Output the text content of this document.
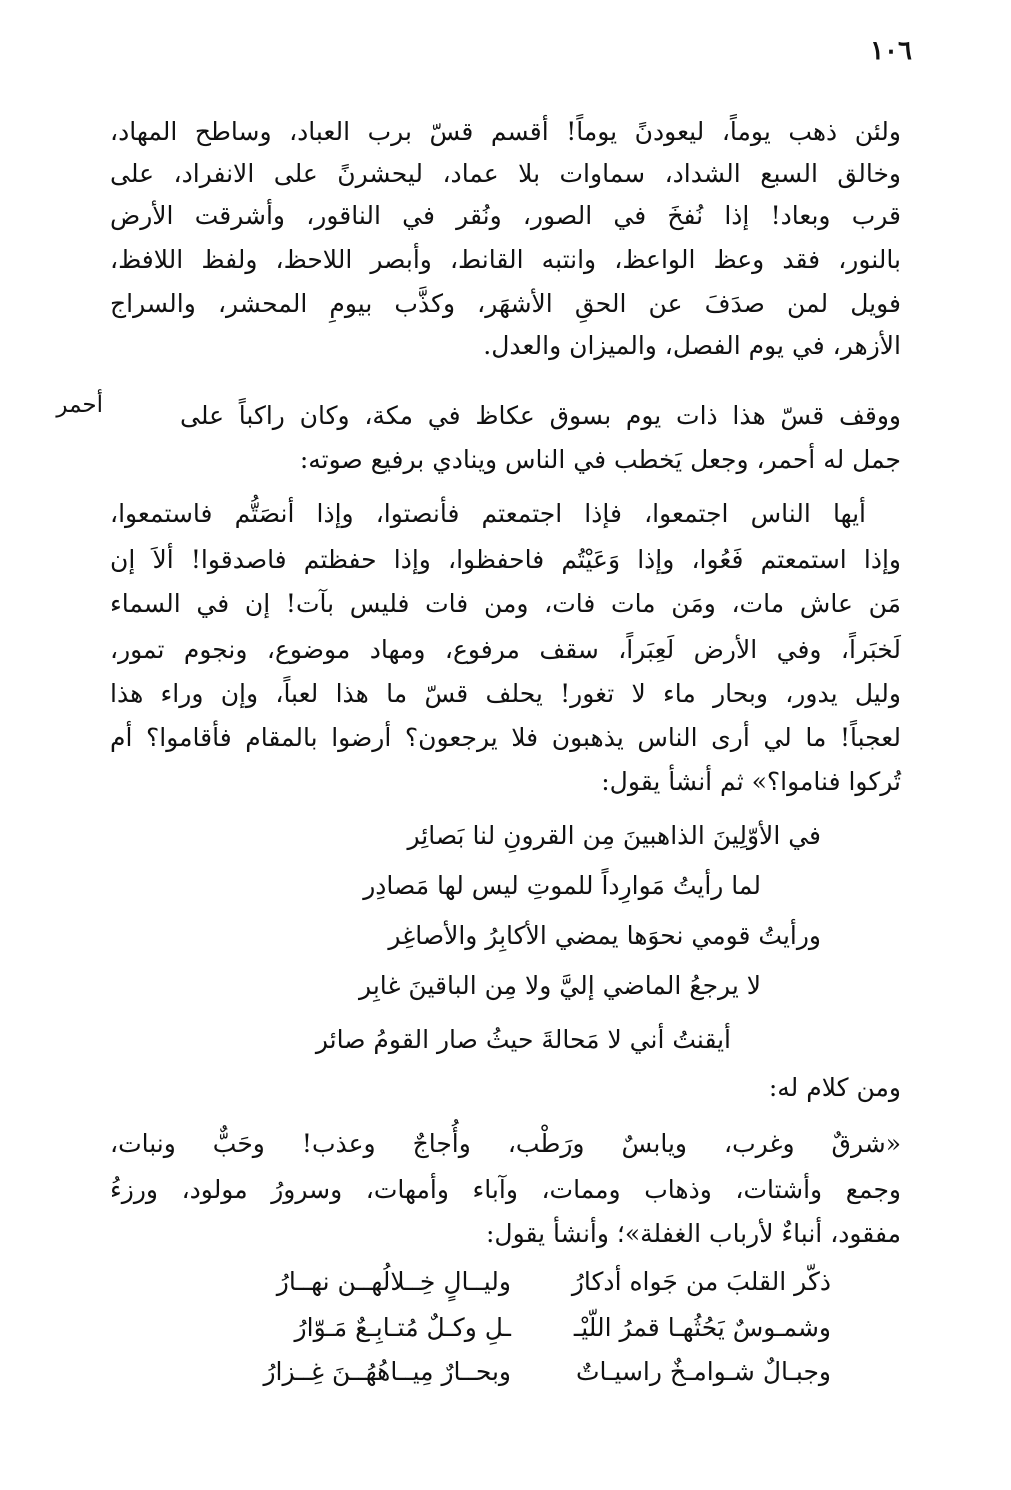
١٠٦
ولئن ذهب يوماً، ليعودنً يوماً! أقسم قسّ برب العباد، وساطح المهاد،
وخالق السبع الشداد، سماوات بلا عماد، ليحشرنً على الانفراد، على
قرب وبعاد! إذا نُفخَ في الصور، ونُقر في الناقور، وأشرقت الأرض
بالنور، فقد وعظ الواعظ، وانتبه القانط، وأبصر اللاحظ، ولفظ اللافظ،
فويل لمن صدَفَ عن الحقِ الأشهَر، وكذَّب بيومِ المحشر، والسراج
الأزهر، في يوم الفصل، والميزان والعدل.
أحمر	ووقف قسّ هذا ذات يوم بسوق عكاظ في مكة، وكان راكباً على
جمل له أحمر، وجعل يَخطب في الناس وينادي برفيع صوته:
أيها الناس اجتمعوا، فإذا اجتمعتم فأنصتوا، وإذا أنصَتُّم فاستمعوا،
وإذا استمعتم فَعُوا، وإذا وَعَيْتُم فاحفظوا، وإذا حفظتم فاصدقوا! ألاَ إن
مَن عاش مات، ومَن مات فات، ومن فات فليس بآت! إن في السماء
لَخبَراً، وفي الأرض لَعِبَراً، سقف مرفوع، ومهاد موضوع، ونجوم تمور،
وليل يدور، وبحار ماء لا تغور! يحلف قسّ ما هذا لعباً، وإن وراء هذا
لعجباً! ما لي أرى الناس يذهبون فلا يرجعون؟ أرضوا بالمقام فأقاموا؟ أم
تُركوا فناموا؟» ثم أنشأ يقول:
في الأوّلِينَ الذاهبينَ مِن القرونِ لنا بَصائِر
لما رأيتُ مَوارِداً للموتِ ليس لها مَصادِر
ورأيتُ قومي نحوَها يمضي الأكابِرُ والأصاغِر
لا يرجعُ الماضي إليَّ ولا مِن الباقينَ غابِر
أيقنتُ أني لا مَحالةَ حيثُ صار القومُ صائر
ومن كلام له:
«شرقٌ وغرب، ويابسٌ ورَطْب، وأُجاجٌ وعذب! وحَبٌّ ونبات،
وجمع وأشتات، وذهاب وممات، وآباء وأمهات، وسرورُ مولود، ورزءُ
مفقود، أنباءٌ لأرباب الغفلة»؛ وأنشأ يقول:
ذكّر القلبَ من جَواه أدكارُ
وليــالٍ خِــلالُهــن نهــارُ
وشمـوسٌ يَحُثُهـا قمرُ اللّيْـ
ـلِ وكـلٌ مُتـابِـعٌ مَـوّارُ
وجبـالٌ شـوامـخٌ راسيـاتٌ
وبحــارٌ مِيــاهُهُــنَ غِــزارُ
